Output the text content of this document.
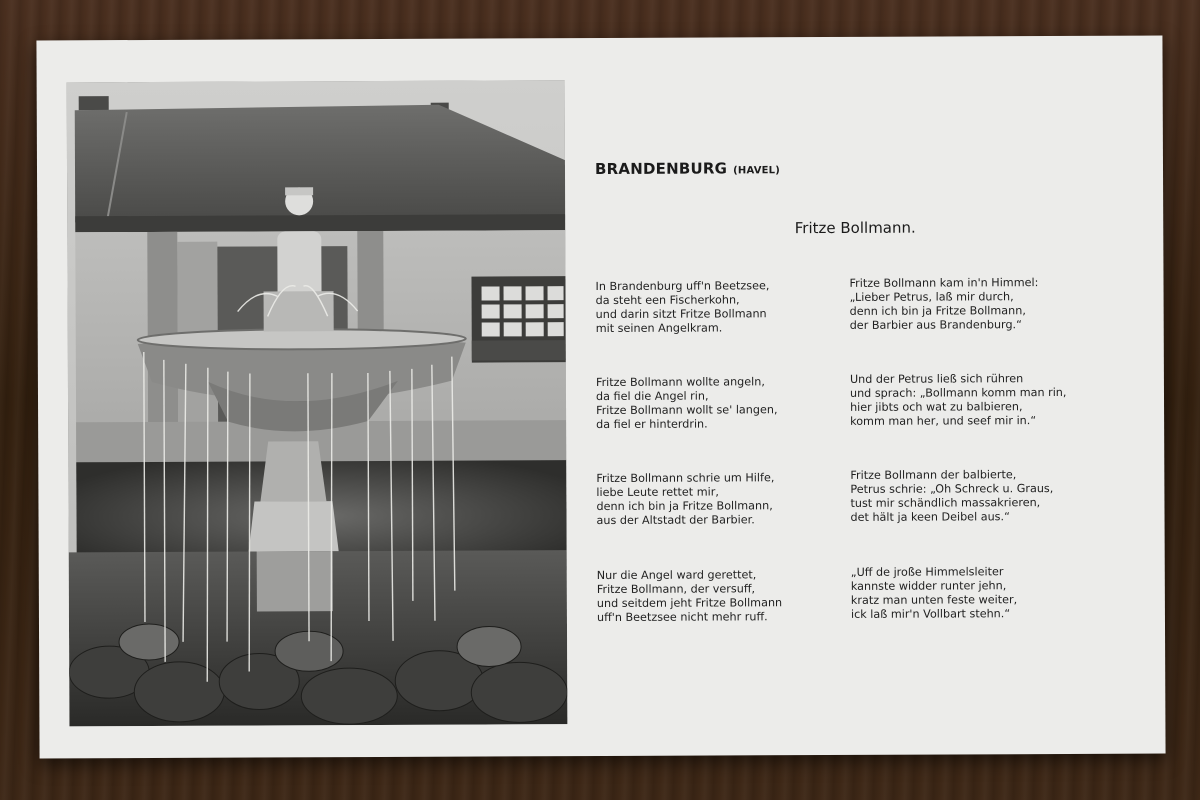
BRANDENBURG (HAVEL)
Fritze Bollmann.
In Brandenburg uff'n Beetzsee,
da steht een Fischerkohn,
und darin sitzt Fritze Bollmann
mit seinen Angelkram.
Fritze Bollmann wollte angeln,
da fiel die Angel rin,
Fritze Bollmann wollt se' langen,
da fiel er hinterdrin.
Fritze Bollmann schrie um Hilfe,
liebe Leute rettet mir,
denn ich bin ja Fritze Bollmann,
aus der Altstadt der Barbier.
Nur die Angel ward gerettet,
Fritze Bollmann, der versuff,
und seitdem jeht Fritze Bollmann
uff'n Beetzsee nicht mehr ruff.
Fritze Bollmann kam in'n Himmel:
„Lieber Petrus, laß mir durch,
denn ich bin ja Fritze Bollmann,
der Barbier aus Brandenburg.“
Und der Petrus ließ sich rühren
und sprach: „Bollmann komm man rin,
hier jibts och wat zu balbieren,
komm man her, und seef mir in.“
Fritze Bollmann der balbierte,
Petrus schrie: „Oh Schreck u. Graus,
tust mir schändlich massakrieren,
det hält ja keen Deibel aus.“
„Uff de jroße Himmelsleiter
kannste widder runter jehn,
kratz man unten feste weiter,
ick laß mir'n Vollbart stehn.“
